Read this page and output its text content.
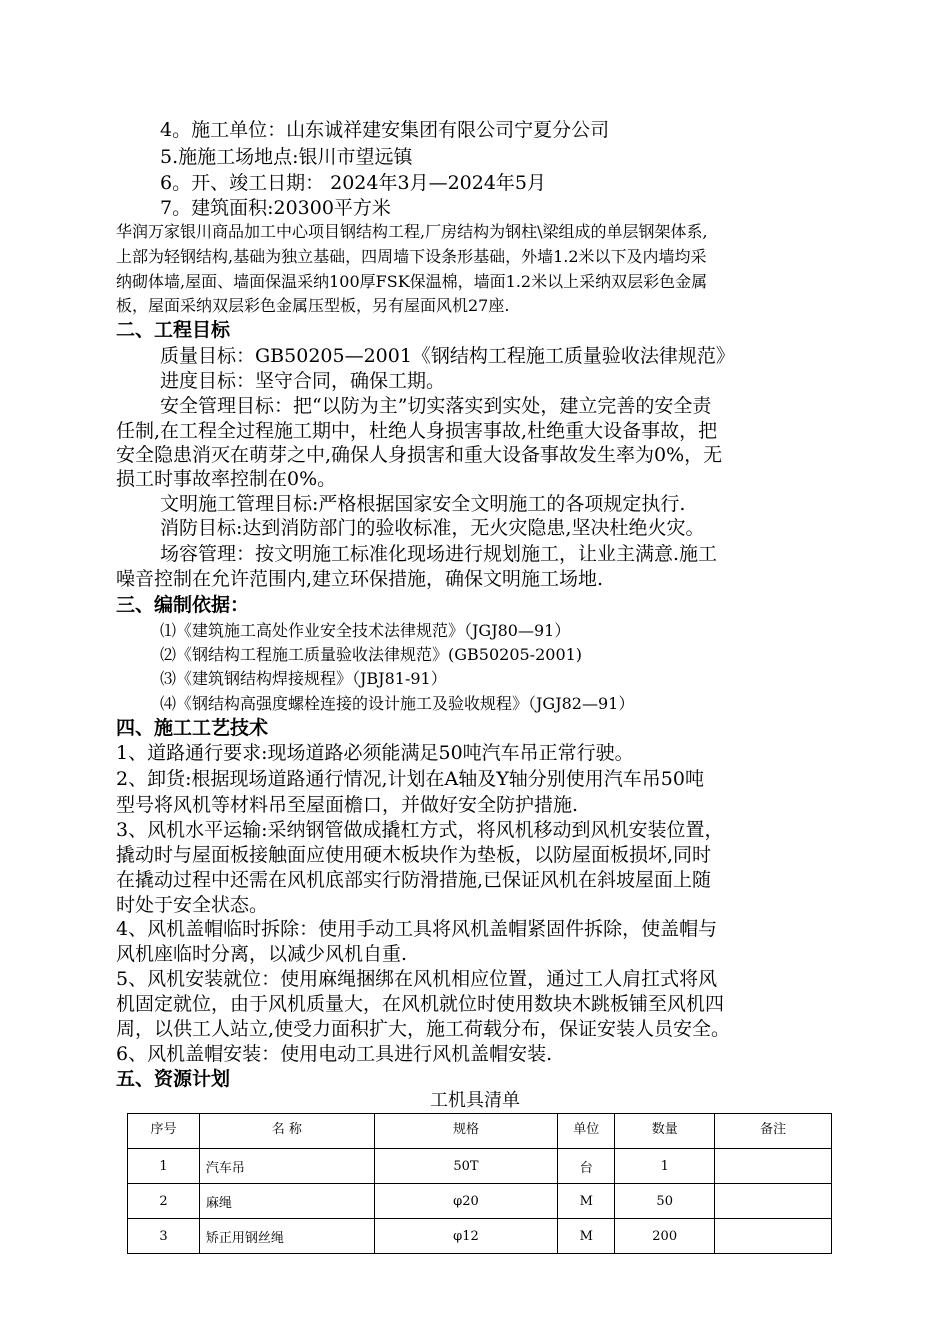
4。施工单位：山东诚祥建安集团有限公司宁夏分公司
5.施施工场地点:银川市望远镇
6。开、竣工日期： 2024年3月—2024年5月
7。建筑面积:20300平方米
华润万家银川商品加工中心项目钢结构工程,厂房结构为钢柱\梁组成的单层钢架体系,
上部为轻钢结构,基础为独立基础，四周墙下设条形基础，外墙1.2米以下及内墙均采
纳砌体墙,屋面、墙面保温采纳100厚FSK保温棉，墙面1.2米以上采纳双层彩色金属
板，屋面采纳双层彩色金属压型板，另有屋面风机27座.
二、工程目标
质量目标：GB50205—2001《钢结构工程施工质量验收法律规范》
进度目标：坚守合同，确保工期。
安全管理目标：把“以防为主”切实落实到实处，建立完善的安全责
任制,在工程全过程施工期中，杜绝人身损害事故,杜绝重大设备事故，把
安全隐患消灭在萌芽之中,确保人身损害和重大设备事故发生率为0%，无
损工时事故率控制在0%。
文明施工管理目标:严格根据国家安全文明施工的各项规定执行.
消防目标:达到消防部门的验收标准，无火灾隐患,坚决杜绝火灾。
场容管理：按文明施工标准化现场进行规划施工，让业主满意.施工
噪音控制在允许范围内,建立环保措施，确保文明施工场地.
三、编制依据：
⑴《建筑施工高处作业安全技术法律规范》（JGJ80—91）
⑵《钢结构工程施工质量验收法律规范》(GB50205-2001)
⑶《建筑钢结构焊接规程》（JBJ81-91）
⑷《钢结构高强度螺栓连接的设计施工及验收规程》（JGJ82—91）
四、施工工艺技术
1、道路通行要求:现场道路必须能满足50吨汽车吊正常行驶。
2、卸货:根据现场道路通行情况,计划在A轴及Y轴分别使用汽车吊50吨
型号将风机等材料吊至屋面檐口，并做好安全防护措施.
3、风机水平运输:采纳钢管做成撬杠方式，将风机移动到风机安装位置，
撬动时与屋面板接触面应使用硬木板块作为垫板，以防屋面板损坏,同时
在撬动过程中还需在风机底部实行防滑措施,已保证风机在斜坡屋面上随
时处于安全状态。
4、风机盖帽临时拆除：使用手动工具将风机盖帽紧固件拆除，使盖帽与
风机座临时分离，以减少风机自重.
5、风机安装就位：使用麻绳捆绑在风机相应位置，通过工人肩扛式将风
机固定就位，由于风机质量大，在风机就位时使用数块木跳板铺至风机四
周，以供工人站立,使受力面积扩大，施工荷载分布，保证安装人员安全。
6、风机盖帽安装：使用电动工具进行风机盖帽安装.
五、资源计划
工机具清单
序号	名 称	规格	单位	数量	备注
1	汽车吊	50T	台	1	
2	麻绳	φ20	M	50	
3	矫正用钢丝绳	φ12	M	200	
